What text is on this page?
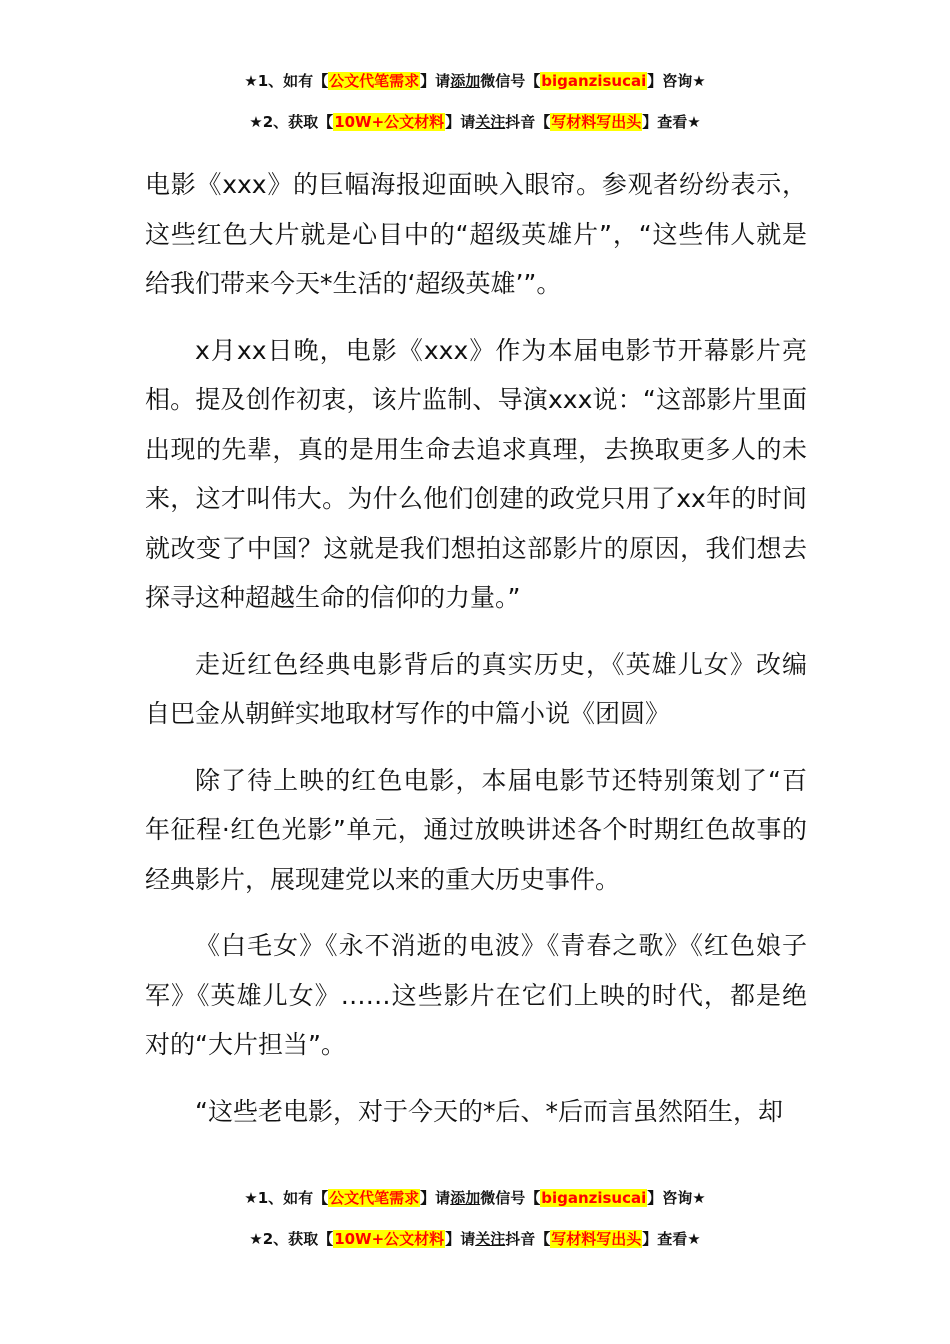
★1、如有【公文代笔需求】请添加微信号【biganzisucai】咨询★
★2、获取【10W+公文材料】请关注抖音【写材料写出头】查看★

电影《xxx》的巨幅海报迎面映入眼帘。参观者纷纷表示，这些红色大片就是心目中的“超级英雄片”，“这些伟人就是给我们带来今天*生活的‘超级英雄’”。

x月xx日晚，电影《xxx》作为本届电影节开幕影片亮相。提及创作初衷，该片监制、导演xxx说：“这部影片里面出现的先辈，真的是用生命去追求真理，去换取更多人的未来，这才叫伟大。为什么他们创建的政党只用了xx年的时间就改变了中国？这就是我们想拍这部影片的原因，我们想去探寻这种超越生命的信仰的力量。”

走近红色经典电影背后的真实历史，《英雄儿女》改编自巴金从朝鲜实地取材写作的中篇小说《团圆》

除了待上映的红色电影，本届电影节还特别策划了“百年征程·红色光影”单元，通过放映讲述各个时期红色故事的经典影片，展现建党以来的重大历史事件。

《白毛女》《永不消逝的电波》《青春之歌》《红色娘子军》《英雄儿女》……这些影片在它们上映的时代，都是绝对的“大片担当”。

“这些老电影，对于今天的*后、*后而言虽然陌生，却

★1、如有【公文代笔需求】请添加微信号【biganzisucai】咨询★
★2、获取【10W+公文材料】请关注抖音【写材料写出头】查看★
